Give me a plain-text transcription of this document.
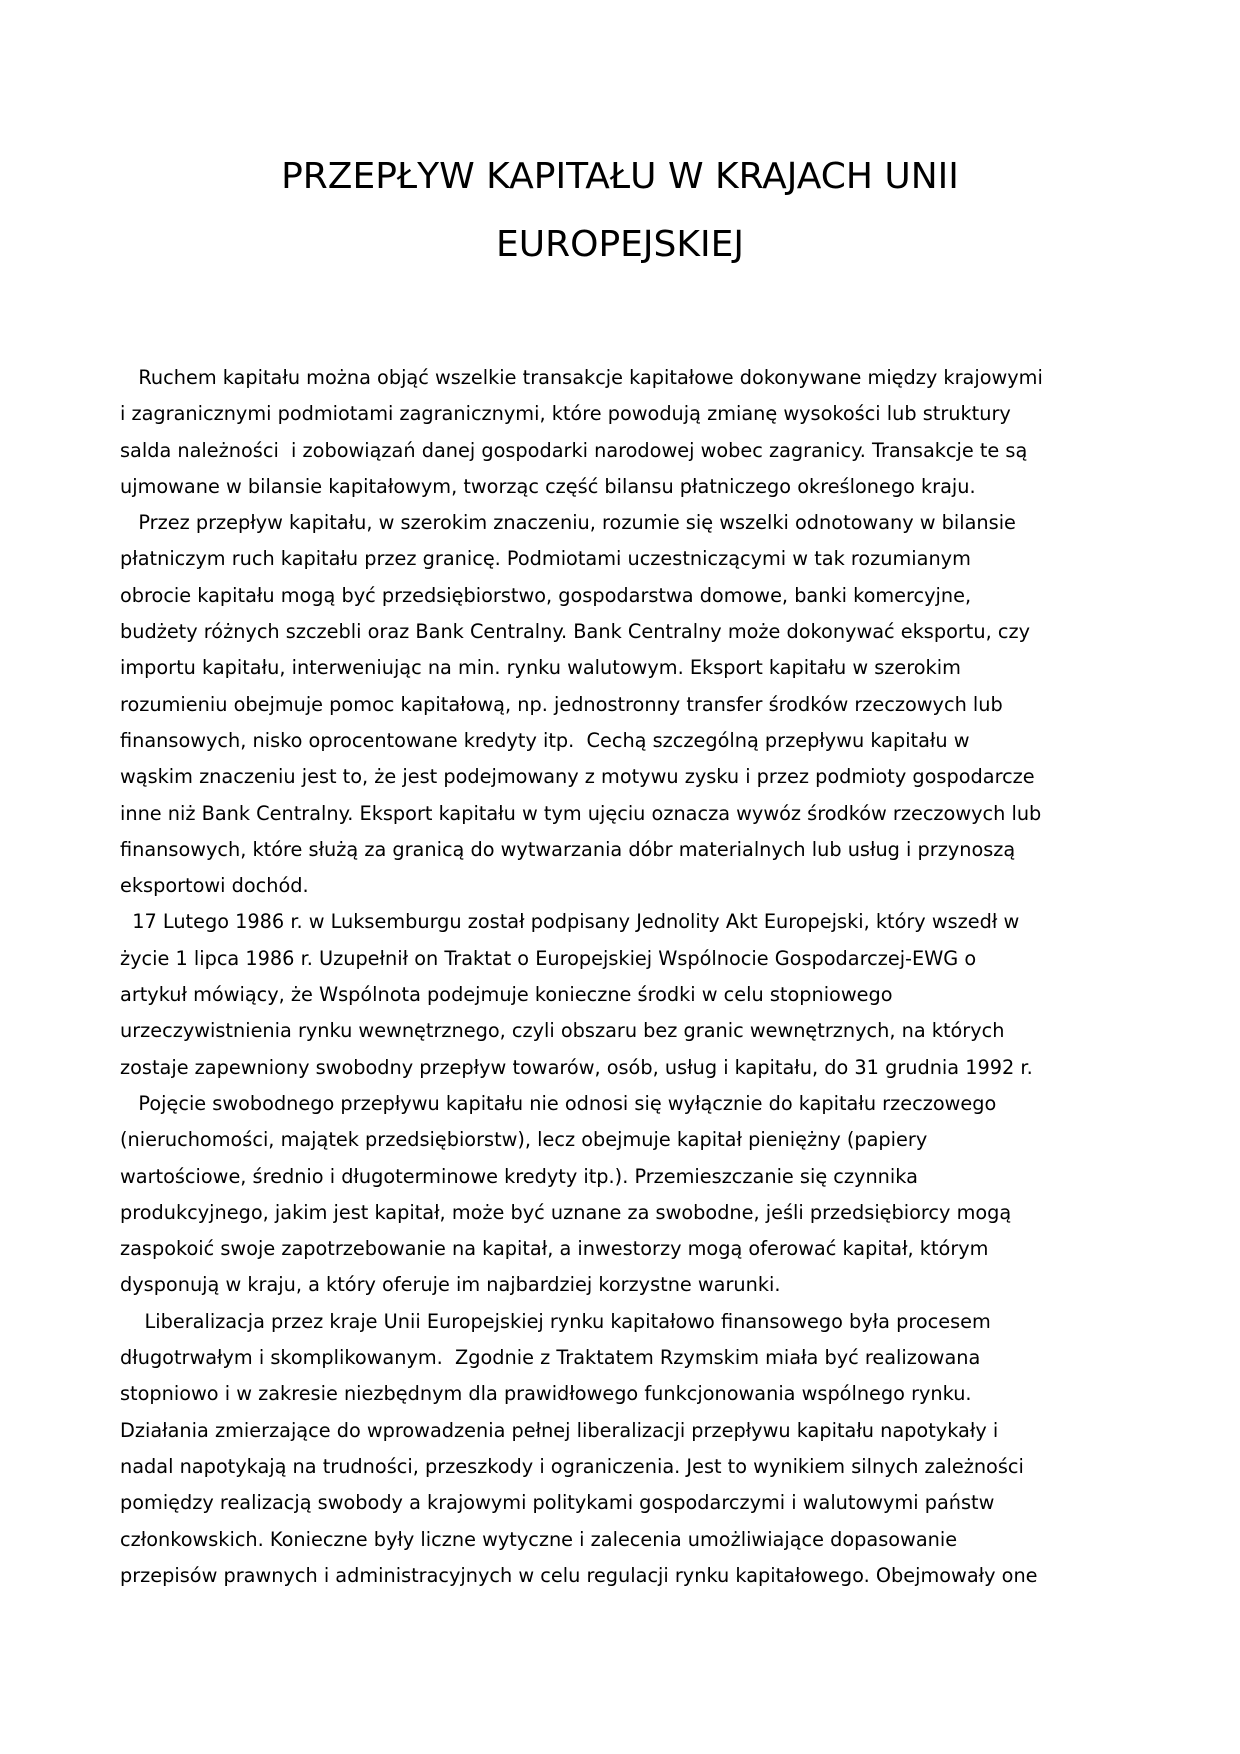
PRZEPŁYW KAPITAŁU W KRAJACH UNII
EUROPEJSKIEJ
Ruchem kapitału można objąć wszelkie transakcje kapitałowe dokonywane między krajowymi
i zagranicznymi podmiotami zagranicznymi, które powodują zmianę wysokości lub struktury
salda należności  i zobowiązań danej gospodarki narodowej wobec zagranicy. Transakcje te są
ujmowane w bilansie kapitałowym, tworząc część bilansu płatniczego określonego kraju.
Przez przepływ kapitału, w szerokim znaczeniu, rozumie się wszelki odnotowany w bilansie
płatniczym ruch kapitału przez granicę. Podmiotami uczestniczącymi w tak rozumianym
obrocie kapitału mogą być przedsiębiorstwo, gospodarstwa domowe, banki komercyjne,
budżety różnych szczebli oraz Bank Centralny. Bank Centralny może dokonywać eksportu, czy
importu kapitału, interweniując na min. rynku walutowym. Eksport kapitału w szerokim
rozumieniu obejmuje pomoc kapitałową, np. jednostronny transfer środków rzeczowych lub
finansowych, nisko oprocentowane kredyty itp.  Cechą szczególną przepływu kapitału w
wąskim znaczeniu jest to, że jest podejmowany z motywu zysku i przez podmioty gospodarcze
inne niż Bank Centralny. Eksport kapitału w tym ujęciu oznacza wywóz środków rzeczowych lub
finansowych, które służą za granicą do wytwarzania dóbr materialnych lub usług i przynoszą
eksportowi dochód.
17 Lutego 1986 r. w Luksemburgu został podpisany Jednolity Akt Europejski, który wszedł w
życie 1 lipca 1986 r. Uzupełnił on Traktat o Europejskiej Wspólnocie Gospodarczej-EWG o
artykuł mówiący, że Wspólnota podejmuje konieczne środki w celu stopniowego
urzeczywistnienia rynku wewnętrznego, czyli obszaru bez granic wewnętrznych, na których
zostaje zapewniony swobodny przepływ towarów, osób, usług i kapitału, do 31 grudnia 1992 r.
Pojęcie swobodnego przepływu kapitału nie odnosi się wyłącznie do kapitału rzeczowego
(nieruchomości, majątek przedsiębiorstw), lecz obejmuje kapitał pieniężny (papiery
wartościowe, średnio i długoterminowe kredyty itp.). Przemieszczanie się czynnika
produkcyjnego, jakim jest kapitał, może być uznane za swobodne, jeśli przedsiębiorcy mogą
zaspokoić swoje zapotrzebowanie na kapitał, a inwestorzy mogą oferować kapitał, którym
dysponują w kraju, a który oferuje im najbardziej korzystne warunki.
Liberalizacja przez kraje Unii Europejskiej rynku kapitałowo finansowego była procesem
długotrwałym i skomplikowanym.  Zgodnie z Traktatem Rzymskim miała być realizowana
stopniowo i w zakresie niezbędnym dla prawidłowego funkcjonowania wspólnego rynku.
Działania zmierzające do wprowadzenia pełnej liberalizacji przepływu kapitału napotykały i
nadal napotykają na trudności, przeszkody i ograniczenia. Jest to wynikiem silnych zależności
pomiędzy realizacją swobody a krajowymi politykami gospodarczymi i walutowymi państw
członkowskich. Konieczne były liczne wytyczne i zalecenia umożliwiające dopasowanie
przepisów prawnych i administracyjnych w celu regulacji rynku kapitałowego. Obejmowały one
